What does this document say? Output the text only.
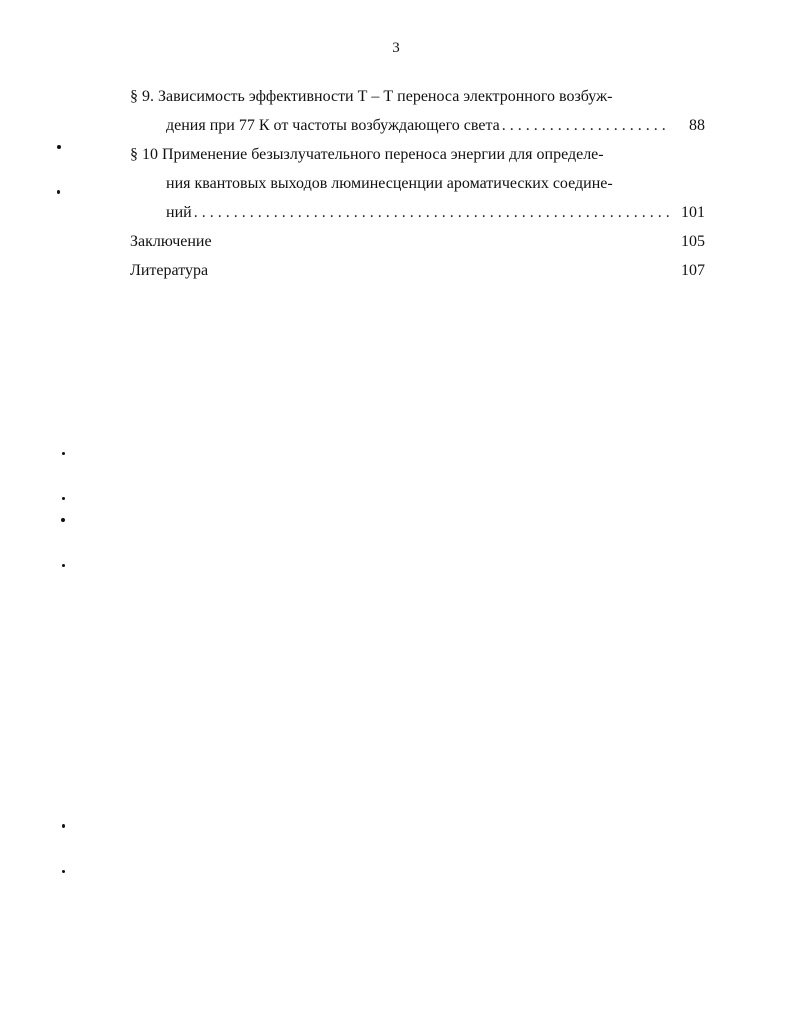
3
§ 9. Зависимость эффективности Т – Т переноса электронного возбуж-
дения при 77 К от частоты возбуждающего света . . .	88
§ 10 Применение безызлучательного переноса энергии для определе-
ния квантовых выходов люминесценции ароматических соедине-
ний . . .	101
Заключение	105
Литература	107
